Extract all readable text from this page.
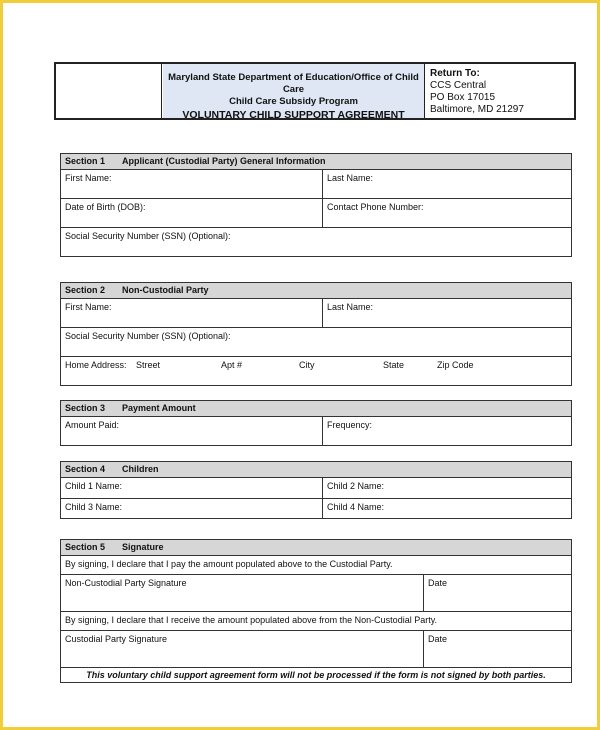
Maryland State Department of Education/Office of Child Care
Child Care Subsidy Program
VOLUNTARY CHILD SUPPORT AGREEMENT
Return To:
CCS Central
PO Box 17015
Baltimore, MD 21297
Section 1 Applicant (Custodial Party) General Information
First Name:	Last Name:
Date of Birth (DOB):	Contact Phone Number:
Social Security Number (SSN) (Optional):
Section 2 Non-Custodial Party
First Name:	Last Name:
Social Security Number (SSN) (Optional):
Home Address: Street	Apt #	City	State	Zip Code
Section 3 Payment Amount
Amount Paid:	Frequency:
Section 4 Children
Child 1 Name:	Child 2 Name:
Child 3 Name:	Child 4 Name:
Section 5 Signature
By signing, I declare that I pay the amount populated above to the Custodial Party.
Non-Custodial Party Signature	Date
By signing, I declare that I receive the amount populated above from the Non-Custodial Party.
Custodial Party Signature	Date
This voluntary child support agreement form will not be processed if the form is not signed by both parties.
